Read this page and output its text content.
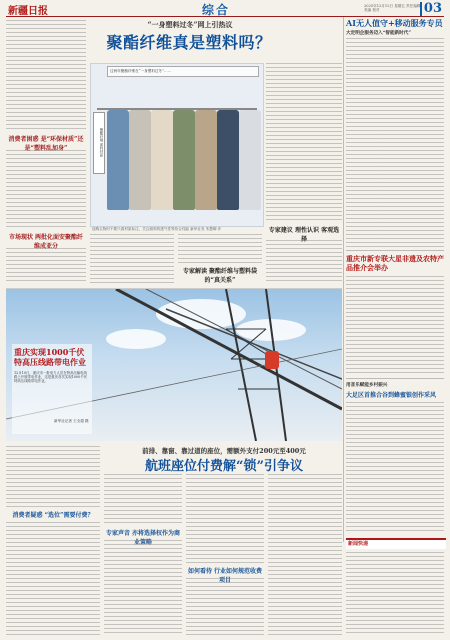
新疆日报	综合	2025年12月12日 星期五 责任编辑 美编 校对	03
消费者困惑 是“环保材质”还是“塑料乱加身”
市场现状 两批化面安聚酯纤维成亚分
“一身塑料过冬”网上引热议
聚酯纤维真是塑料吗？
这两年聚酯纤维在“一身塑料过冬”……
聚酯纤维 面料材质
选购衣物时不要只看材质标注，关注面料的透气性等综合性能 新华社发 朱慧卿 作
专家解读 聚酯纤维与塑料袋的“真关系”
专家建议 理性认识 客观选择
AI无人值守+移动服务专员
大定明企服务迈入“智能新时代”
重庆市新专联大星非遗及农特产品推介会举办
用音乐赋能乡村振兴
大足区首推合谷到蜂蜜银创作采风
新闻快递
重庆实现1000千伏特高压线路带电作业
12月10日，重庆市一批电力人员在特高压输电线路上开展带电作业，这是重庆首次实现1000千伏特高压线路带电作业。
新华社记者 王全超 摄
前排、靠窗、靠过道的座位，需额外支付200元至400元
航班座位付费解“锁”引争议
消费者疑惑 “选位”需要付费？
专家声音 亦将选择权作为商业策略
如何看待 行业如何规范收费项目
